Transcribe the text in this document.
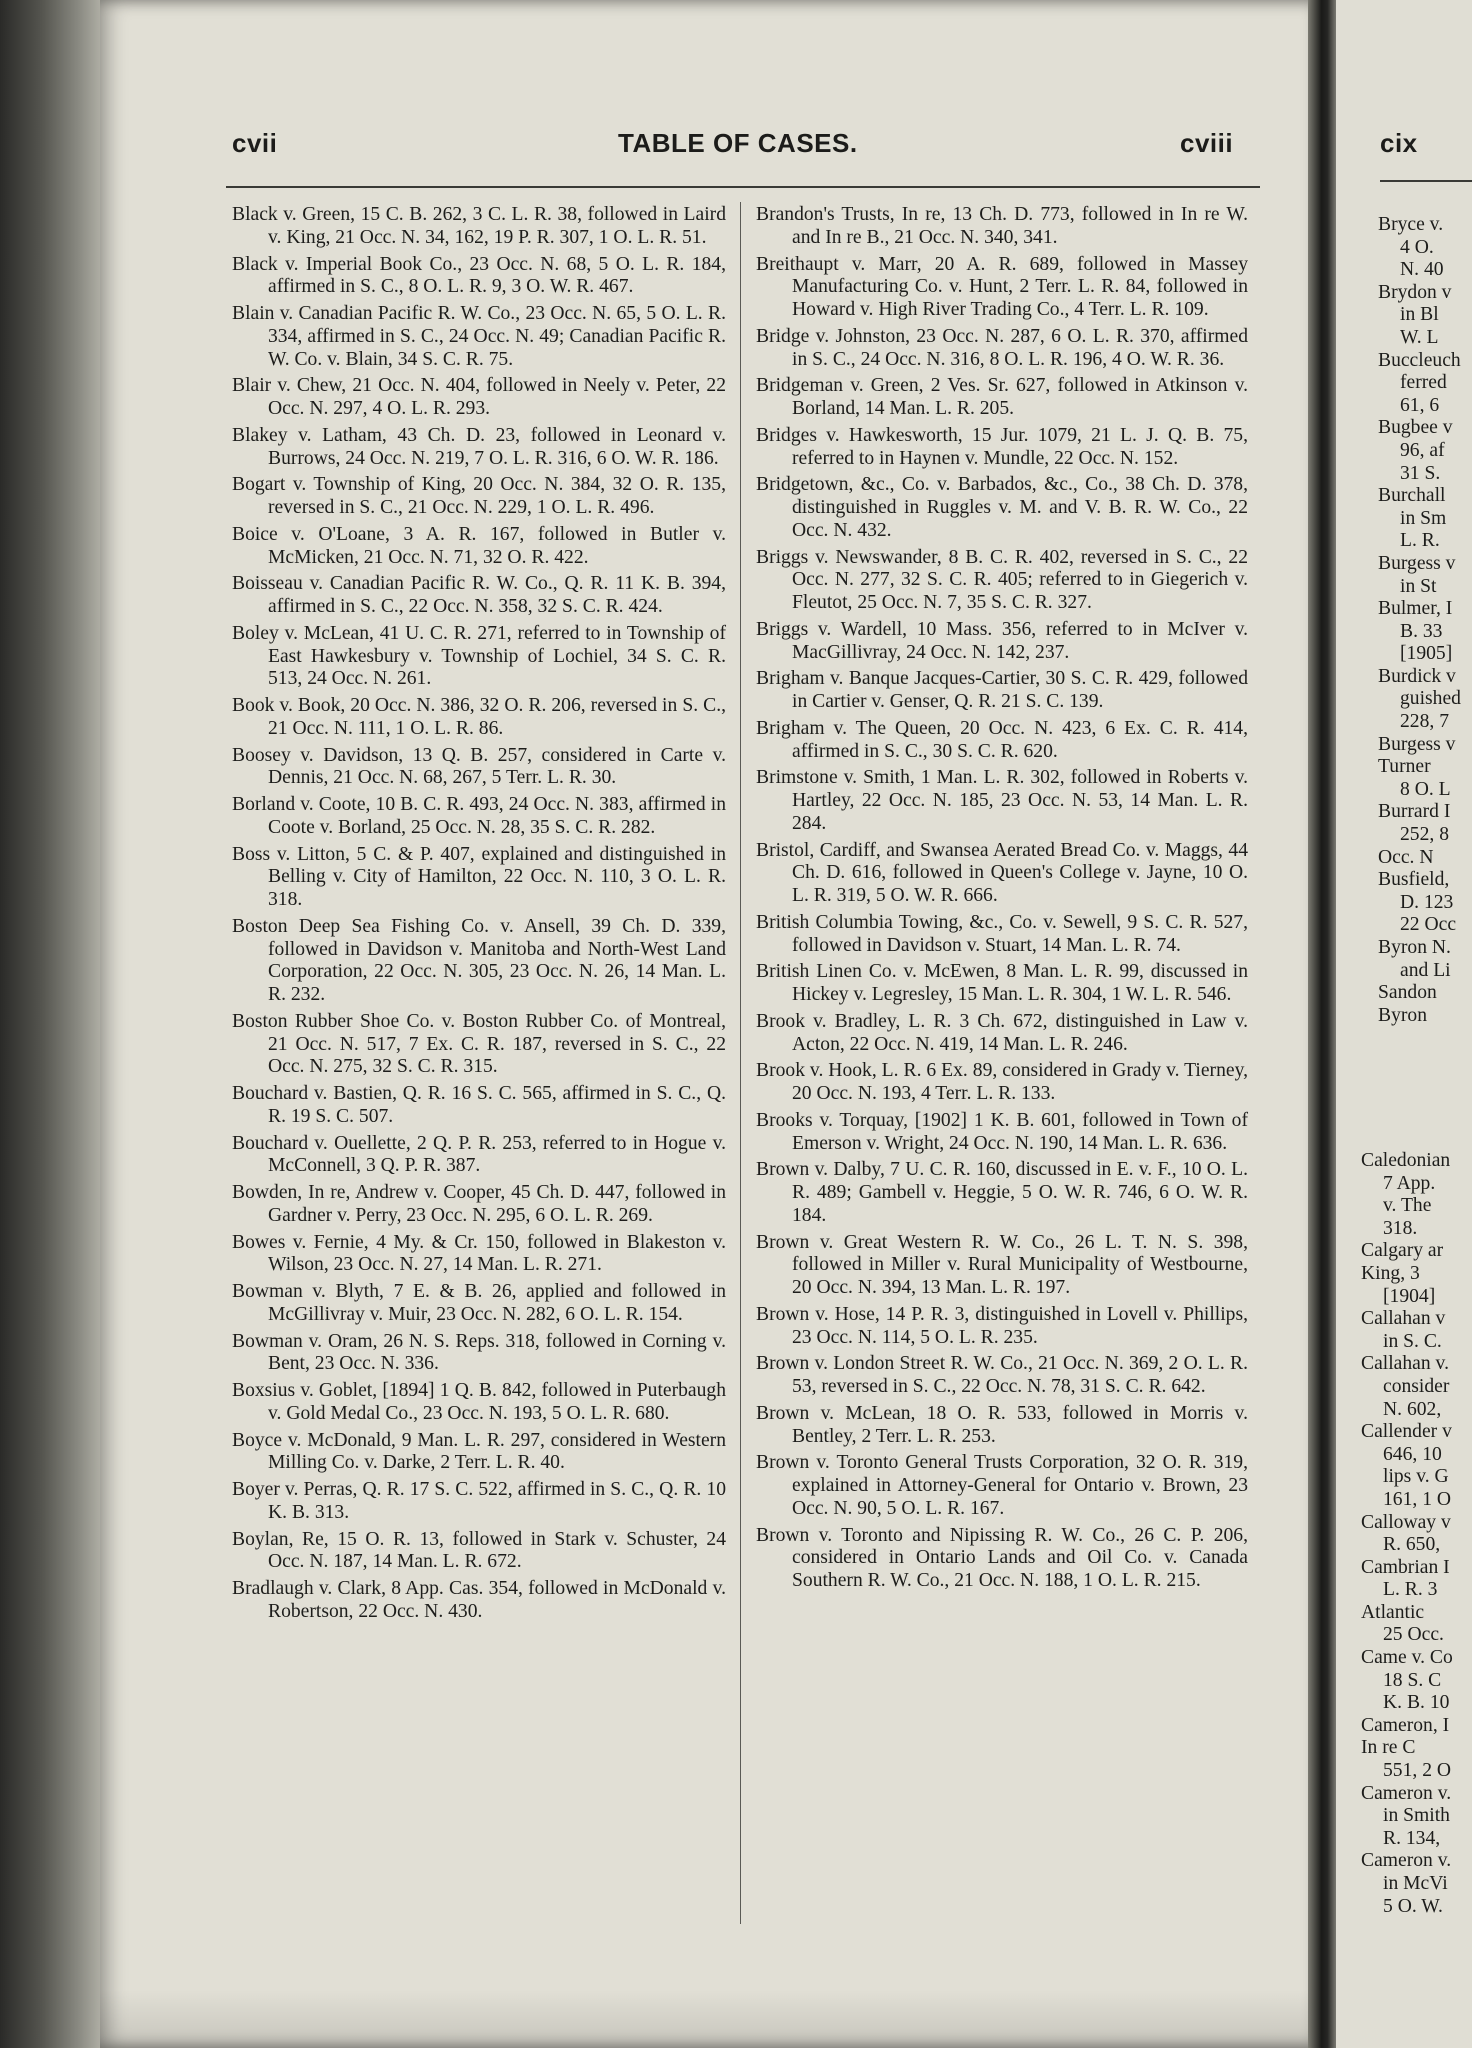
cix
Bryce v.
4 O.
N. 40
Brydon v
in Bl
W. L
Buccleuch
ferred
61, 6
Bugbee v
96, af
31 S.
Burchall
in Sm
L. R.
Burgess v
in St
Bulmer, I
B. 33
[1905]
Burdick v
guished
228, 7
Burgess v
Turner
8 O. L
Burrard I
252, 8
Occ. N
Busfield,
D. 123
22 Occ
Byron N.
and Li
Sandon
Byron
Caledonian
7 App.
v. The
318.
Calgary ar
King, 3
[1904]
Callahan v
in S. C.
Callahan v.
consider
N. 602,
Callender v
646, 10
lips v. G
161, 1 O
Calloway v
R. 650,
Cambrian I
L. R. 3
Atlantic
25 Occ.
Came v. Co
18 S. C
K. B. 10
Cameron, I
In re C
551, 2 O
Cameron v.
in Smith
R. 134,
Cameron v.
in McVi
5 O. W.
cvii	TABLE OF CASES.	cviii
Black v. Green, 15 C. B. 262, 3 C. L. R. 38, followed in Laird v. King, 21 Occ. N. 34, 162, 19 P. R. 307, 1 O. L. R. 51.
Black v. Imperial Book Co., 23 Occ. N. 68, 5 O. L. R. 184, affirmed in S. C., 8 O. L. R. 9, 3 O. W. R. 467.
Blain v. Canadian Pacific R. W. Co., 23 Occ. N. 65, 5 O. L. R. 334, affirmed in S. C., 24 Occ. N. 49; Canadian Pacific R. W. Co. v. Blain, 34 S. C. R. 75.
Blair v. Chew, 21 Occ. N. 404, followed in Neely v. Peter, 22 Occ. N. 297, 4 O. L. R. 293.
Blakey v. Latham, 43 Ch. D. 23, followed in Leonard v. Burrows, 24 Occ. N. 219, 7 O. L. R. 316, 6 O. W. R. 186.
Bogart v. Township of King, 20 Occ. N. 384, 32 O. R. 135, reversed in S. C., 21 Occ. N. 229, 1 O. L. R. 496.
Boice v. O'Loane, 3 A. R. 167, followed in Butler v. McMicken, 21 Occ. N. 71, 32 O. R. 422.
Boisseau v. Canadian Pacific R. W. Co., Q. R. 11 K. B. 394, affirmed in S. C., 22 Occ. N. 358, 32 S. C. R. 424.
Boley v. McLean, 41 U. C. R. 271, referred to in Township of East Hawkesbury v. Township of Lochiel, 34 S. C. R. 513, 24 Occ. N. 261.
Book v. Book, 20 Occ. N. 386, 32 O. R. 206, reversed in S. C., 21 Occ. N. 111, 1 O. L. R. 86.
Boosey v. Davidson, 13 Q. B. 257, considered in Carte v. Dennis, 21 Occ. N. 68, 267, 5 Terr. L. R. 30.
Borland v. Coote, 10 B. C. R. 493, 24 Occ. N. 383, affirmed in Coote v. Borland, 25 Occ. N. 28, 35 S. C. R. 282.
Boss v. Litton, 5 C. & P. 407, explained and distinguished in Belling v. City of Hamilton, 22 Occ. N. 110, 3 O. L. R. 318.
Boston Deep Sea Fishing Co. v. Ansell, 39 Ch. D. 339, followed in Davidson v. Manitoba and North-West Land Corporation, 22 Occ. N. 305, 23 Occ. N. 26, 14 Man. L. R. 232.
Boston Rubber Shoe Co. v. Boston Rubber Co. of Montreal, 21 Occ. N. 517, 7 Ex. C. R. 187, reversed in S. C., 22 Occ. N. 275, 32 S. C. R. 315.
Bouchard v. Bastien, Q. R. 16 S. C. 565, affirmed in S. C., Q. R. 19 S. C. 507.
Bouchard v. Ouellette, 2 Q. P. R. 253, referred to in Hogue v. McConnell, 3 Q. P. R. 387.
Bowden, In re, Andrew v. Cooper, 45 Ch. D. 447, followed in Gardner v. Perry, 23 Occ. N. 295, 6 O. L. R. 269.
Bowes v. Fernie, 4 My. & Cr. 150, followed in Blakeston v. Wilson, 23 Occ. N. 27, 14 Man. L. R. 271.
Bowman v. Blyth, 7 E. & B. 26, applied and followed in McGillivray v. Muir, 23 Occ. N. 282, 6 O. L. R. 154.
Bowman v. Oram, 26 N. S. Reps. 318, followed in Corning v. Bent, 23 Occ. N. 336.
Boxsius v. Goblet, [1894] 1 Q. B. 842, followed in Puterbaugh v. Gold Medal Co., 23 Occ. N. 193, 5 O. L. R. 680.
Boyce v. McDonald, 9 Man. L. R. 297, considered in Western Milling Co. v. Darke, 2 Terr. L. R. 40.
Boyer v. Perras, Q. R. 17 S. C. 522, affirmed in S. C., Q. R. 10 K. B. 313.
Boylan, Re, 15 O. R. 13, followed in Stark v. Schuster, 24 Occ. N. 187, 14 Man. L. R. 672.
Bradlaugh v. Clark, 8 App. Cas. 354, followed in McDonald v. Robertson, 22 Occ. N. 430.
Brandon's Trusts, In re, 13 Ch. D. 773, followed in In re W. and In re B., 21 Occ. N. 340, 341.
Breithaupt v. Marr, 20 A. R. 689, followed in Massey Manufacturing Co. v. Hunt, 2 Terr. L. R. 84, followed in Howard v. High River Trading Co., 4 Terr. L. R. 109.
Bridge v. Johnston, 23 Occ. N. 287, 6 O. L. R. 370, affirmed in S. C., 24 Occ. N. 316, 8 O. L. R. 196, 4 O. W. R. 36.
Bridgeman v. Green, 2 Ves. Sr. 627, followed in Atkinson v. Borland, 14 Man. L. R. 205.
Bridges v. Hawkesworth, 15 Jur. 1079, 21 L. J. Q. B. 75, referred to in Haynen v. Mundle, 22 Occ. N. 152.
Bridgetown, &c., Co. v. Barbados, &c., Co., 38 Ch. D. 378, distinguished in Ruggles v. M. and V. B. R. W. Co., 22 Occ. N. 432.
Briggs v. Newswander, 8 B. C. R. 402, reversed in S. C., 22 Occ. N. 277, 32 S. C. R. 405; referred to in Giegerich v. Fleutot, 25 Occ. N. 7, 35 S. C. R. 327.
Briggs v. Wardell, 10 Mass. 356, referred to in McIver v. MacGillivray, 24 Occ. N. 142, 237.
Brigham v. Banque Jacques-Cartier, 30 S. C. R. 429, followed in Cartier v. Genser, Q. R. 21 S. C. 139.
Brigham v. The Queen, 20 Occ. N. 423, 6 Ex. C. R. 414, affirmed in S. C., 30 S. C. R. 620.
Brimstone v. Smith, 1 Man. L. R. 302, followed in Roberts v. Hartley, 22 Occ. N. 185, 23 Occ. N. 53, 14 Man. L. R. 284.
Bristol, Cardiff, and Swansea Aerated Bread Co. v. Maggs, 44 Ch. D. 616, followed in Queen's College v. Jayne, 10 O. L. R. 319, 5 O. W. R. 666.
British Columbia Towing, &c., Co. v. Sewell, 9 S. C. R. 527, followed in Davidson v. Stuart, 14 Man. L. R. 74.
British Linen Co. v. McEwen, 8 Man. L. R. 99, discussed in Hickey v. Legresley, 15 Man. L. R. 304, 1 W. L. R. 546.
Brook v. Bradley, L. R. 3 Ch. 672, distinguished in Law v. Acton, 22 Occ. N. 419, 14 Man. L. R. 246.
Brook v. Hook, L. R. 6 Ex. 89, considered in Grady v. Tierney, 20 Occ. N. 193, 4 Terr. L. R. 133.
Brooks v. Torquay, [1902] 1 K. B. 601, followed in Town of Emerson v. Wright, 24 Occ. N. 190, 14 Man. L. R. 636.
Brown v. Dalby, 7 U. C. R. 160, discussed in E. v. F., 10 O. L. R. 489; Gambell v. Heggie, 5 O. W. R. 746, 6 O. W. R. 184.
Brown v. Great Western R. W. Co., 26 L. T. N. S. 398, followed in Miller v. Rural Municipality of Westbourne, 20 Occ. N. 394, 13 Man. L. R. 197.
Brown v. Hose, 14 P. R. 3, distinguished in Lovell v. Phillips, 23 Occ. N. 114, 5 O. L. R. 235.
Brown v. London Street R. W. Co., 21 Occ. N. 369, 2 O. L. R. 53, reversed in S. C., 22 Occ. N. 78, 31 S. C. R. 642.
Brown v. McLean, 18 O. R. 533, followed in Morris v. Bentley, 2 Terr. L. R. 253.
Brown v. Toronto General Trusts Corporation, 32 O. R. 319, explained in Attorney-General for Ontario v. Brown, 23 Occ. N. 90, 5 O. L. R. 167.
Brown v. Toronto and Nipissing R. W. Co., 26 C. P. 206, considered in Ontario Lands and Oil Co. v. Canada Southern R. W. Co., 21 Occ. N. 188, 1 O. L. R. 215.
